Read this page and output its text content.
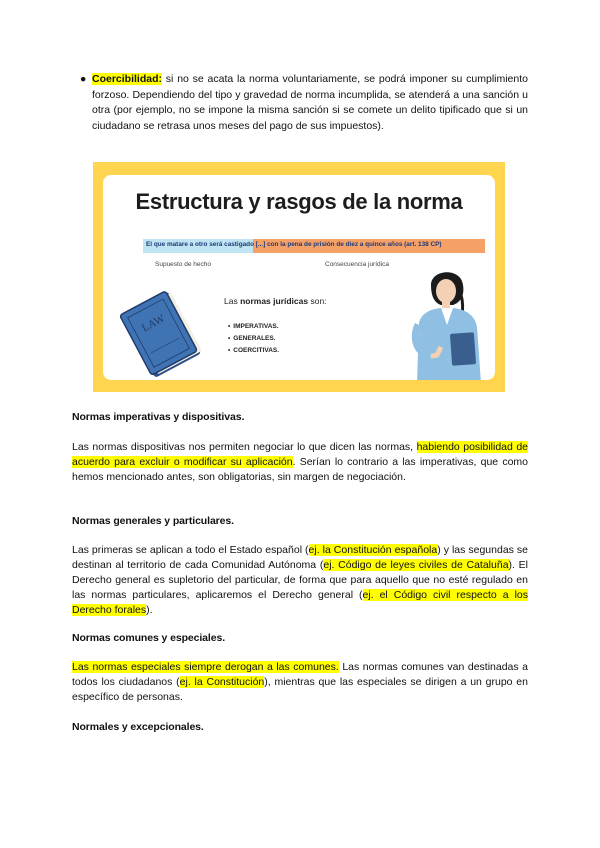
● Coercibilidad: si no se acata la norma voluntariamente, se podrá imponer su cumplimiento forzoso. Dependiendo del tipo y gravedad de norma incumplida, se atenderá a una sanción u otra (por ejemplo, no se impone la misma sanción si se comete un delito tipificado que si un ciudadano se retrasa unos meses del pago de sus impuestos).
Estructura y rasgos de la norma
El que matare a otro será castigado [...] con la pena de prisión de diez a quince años (art. 138 CP)
Supuesto de hecho	Consecuencia jurídica
LAW
Las normas jurídicas son:
• IMPERATIVAS.
• GENERALES.
• COERCITIVAS.
Normas imperativas y dispositivas.

Las normas dispositivas nos permiten negociar lo que dicen las normas, habiendo posibilidad de acuerdo para excluir o modificar su aplicación. Serían lo contrario a las imperativas, que como hemos mencionado antes, son obligatorias, sin margen de negociación.

Normas generales y particulares.

Las primeras se aplican a todo el Estado español (ej. la Constitución española) y las segundas se destinan al territorio de cada Comunidad Autónoma (ej. Código de leyes civiles de Cataluña). El Derecho general es supletorio del particular, de forma que para aquello que no esté regulado en las normas particulares, aplicaremos el Derecho general (ej. el Código civil respecto a los Derecho forales).

Normas comunes y especiales.

Las normas especiales siempre derogan a las comunes. Las normas comunes van destinadas a todos los ciudadanos (ej. la Constitución), mientras que las especiales se dirigen a un grupo en específico de personas.

Normales y excepcionales.
